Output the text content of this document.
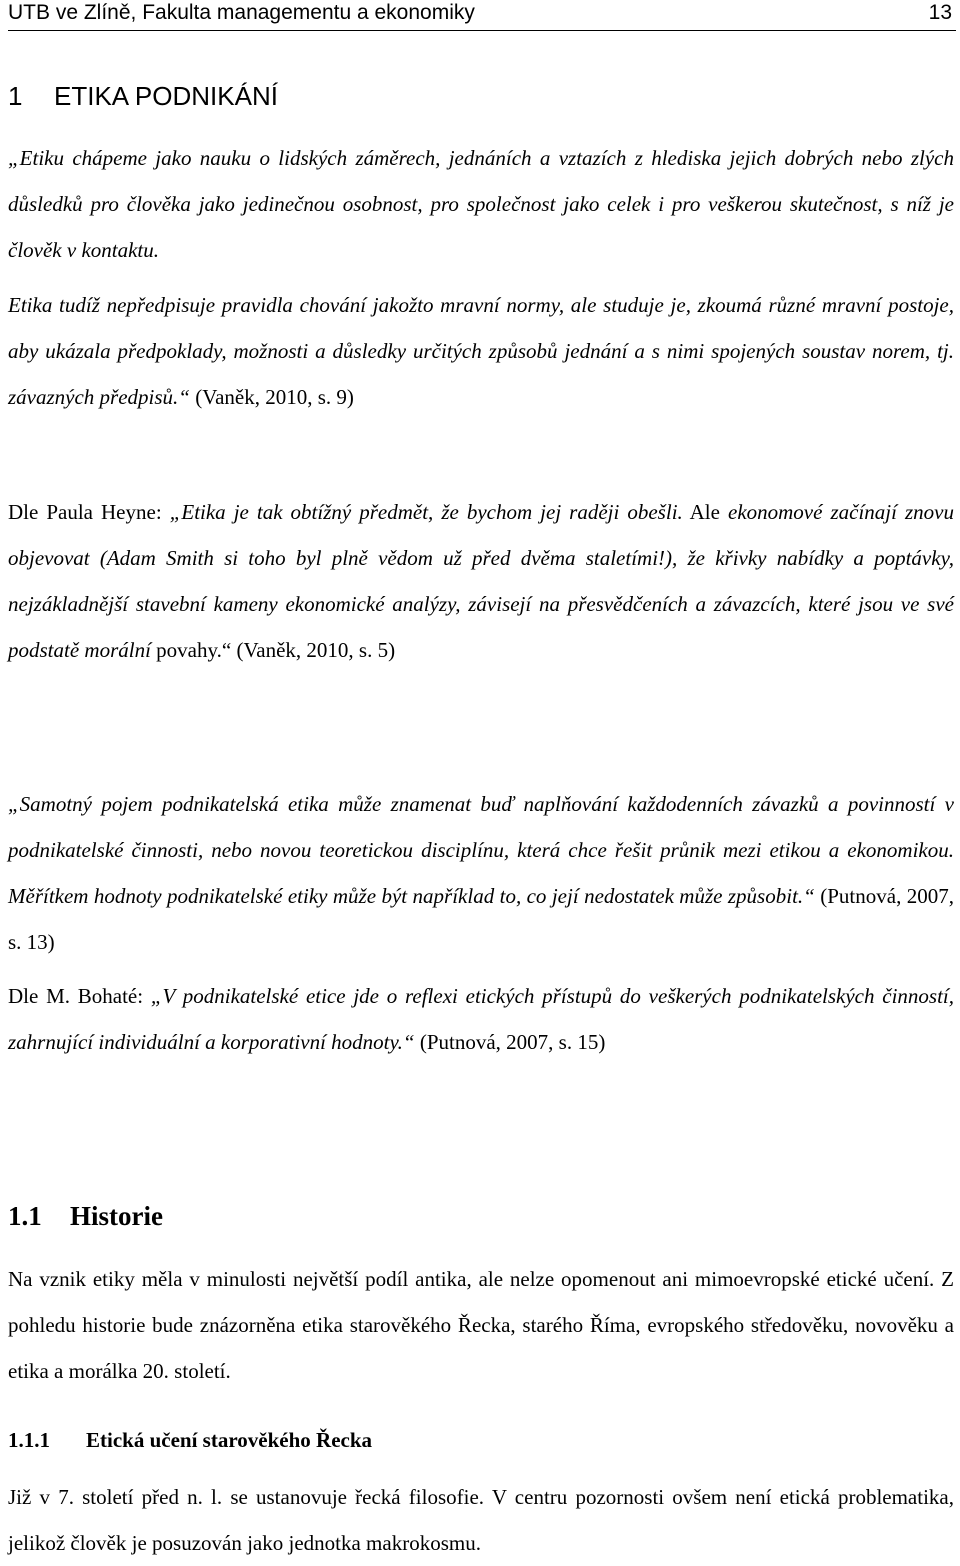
UTB ve Zlíně, Fakulta managementu a ekonomiky	13
1 ETIKA PODNIKÁNÍ
„Etiku chápeme jako nauku o lidských záměrech, jednáních a vztazích z hlediska jejich dobrých nebo zlých důsledků pro člověka jako jedinečnou osobnost, pro společnost jako celek i pro veškerou skutečnost, s níž je člověk v kontaktu.
Etika tudíž nepředpisuje pravidla chování jakožto mravní normy, ale studuje je, zkoumá různé mravní postoje, aby ukázala předpoklady, možnosti a důsledky určitých způsobů jednání a s nimi spojených soustav norem, tj. závazných předpisů.“ (Vaněk, 2010, s. 9)
Dle Paula Heyne: „Etika je tak obtížný předmět, že bychom jej raději obešli. Ale ekonomové začínají znovu objevovat (Adam Smith si toho byl plně vědom už před dvěma staletími!), že křivky nabídky a poptávky, nejzákladnější stavební kameny ekonomické analýzy, závisejí na přesvědčeních a závazcích, které jsou ve své podstatě morální povahy.“ (Vaněk, 2010, s. 5)
„Samotný pojem podnikatelská etika může znamenat buď naplňování každodenních závazků a povinností v podnikatelské činnosti, nebo novou teoretickou disciplínu, která chce řešit průnik mezi etikou a ekonomikou. Měřítkem hodnoty podnikatelské etiky může být například to, co její nedostatek může způsobit.“ (Putnová, 2007, s. 13)
Dle M. Bohaté: „V podnikatelské etice jde o reflexi etických přístupů do veškerých podnikatelských činností, zahrnující individuální a korporativní hodnoty.“ (Putnová, 2007, s. 15)
1.1 Historie
Na vznik etiky měla v minulosti největší podíl antika, ale nelze opomenout ani mimoevropské etické učení. Z pohledu historie bude znázorněna etika starověkého Řecka, starého Říma, evropského středověku, novověku a etika a morálka 20. století.
1.1.1 Etická učení starověkého Řecka
Již v 7. století před n. l. se ustanovuje řecká filosofie. V centru pozornosti ovšem není etická problematika, jelikož člověk je posuzován jako jednotka makrokosmu.
